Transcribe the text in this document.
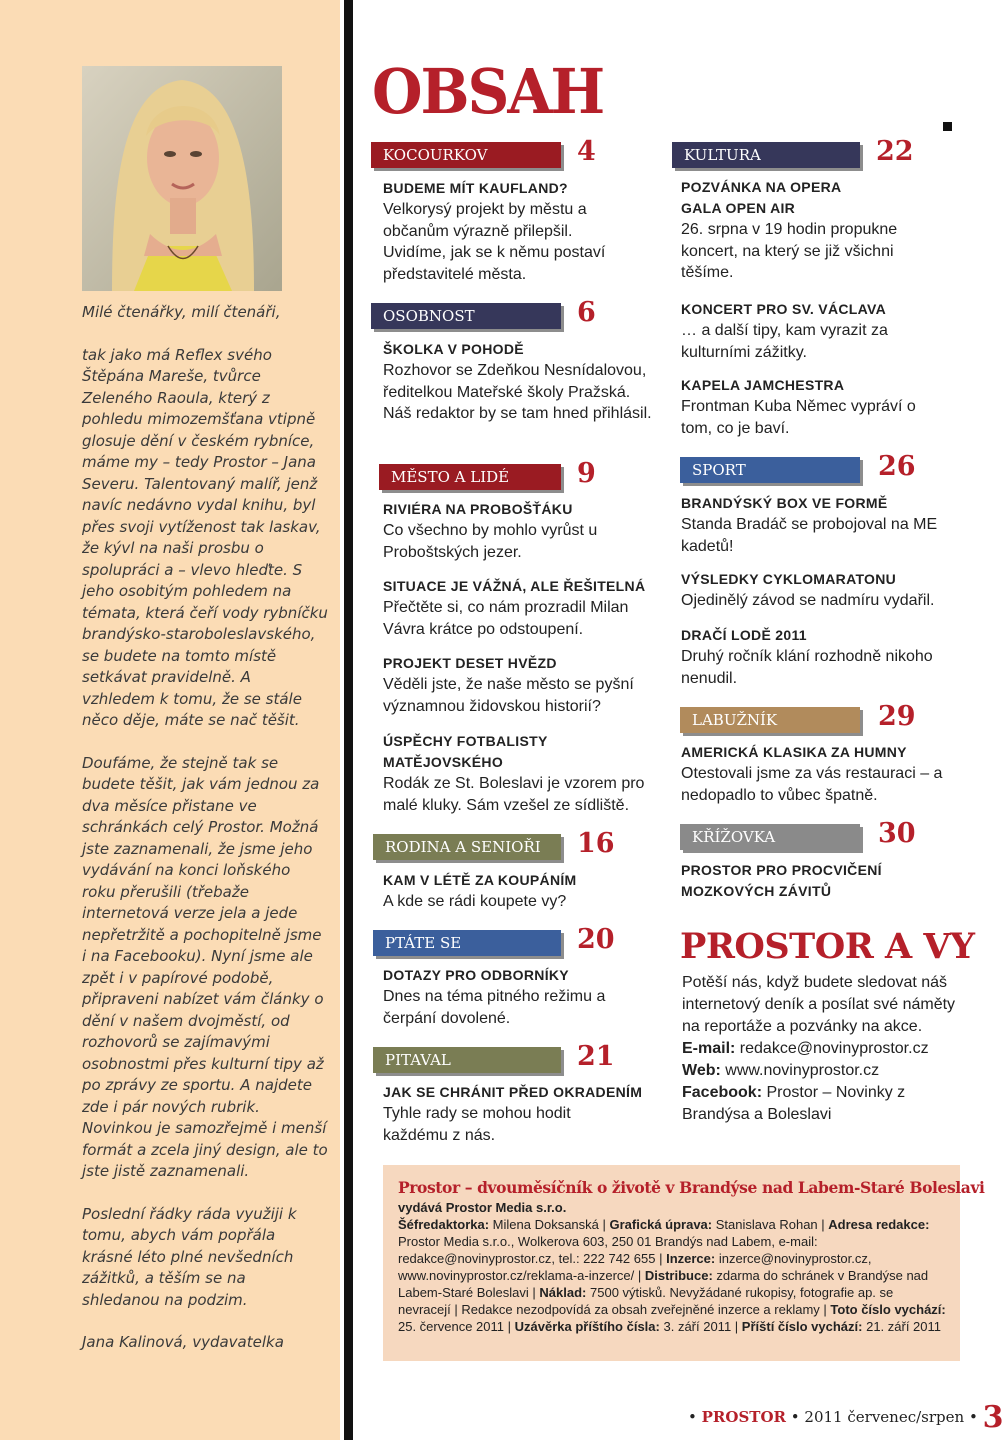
Milé čtenářky, milí čtenáři,

tak jako má Reflex svého Štěpána Mareše, tvůrce Zeleného Raoula, který z pohledu mimozemšťana vtipně glosuje dění v českém rybníce, máme my – tedy Prostor – Jana Severu. Talentovaný malíř, jenž navíc nedávno vydal knihu, byl přes svoji vytíženost tak laskav, že kývl na naši prosbu o spolupráci a – vlevo hleďte. S jeho osobitým pohledem na témata, která čeří vody rybníčku brandýsko-staroboleslavského, se budete na tomto místě setkávat pravidelně. A vzhledem k tomu, že se stále něco děje, máte se nač těšit.

Doufáme, že stejně tak se budete těšit, jak vám jednou za dva měsíce přistane ve schránkách celý Prostor. Možná jste zaznamenali, že jsme jeho vydávání na konci loňského roku přerušili (třebaže internetová verze jela a jede nepřetržitě a pochopitelně jsme i na Facebooku). Nyní jsme ale zpět i v papírové podobě, připraveni nabízet vám články o dění v našem dvojměstí, od rozhovorů se zajímavými osobnostmi přes kulturní tipy až po zprávy ze sportu. A najdete zde i pár nových rubrik. Novinkou je samozřejmě i menší formát a zcela jiný design, ale to jste jistě zaznamenali.

Poslední řádky ráda využiji k tomu, abych vám popřála krásné léto plné nevšedních zážitků, a těším se na shledanou na podzim.

Jana Kalinová, vydavatelka

OBSAH
KOCOURKOV	4
BUDEME MÍT KAUFLAND?
Velkorysý projekt by městu a občanům výrazně přilepšil. Uvidíme, jak se k němu postaví představitelé města.
OSOBNOST	6
ŠKOLKA V POHODĚ
Rozhovor se Zdeňkou Nesnídalovou, ředitelkou Mateřské školy Pražská. Náš redaktor by se tam hned přihlásil.
MĚSTO A LIDÉ	9
RIVIÉRA NA PROBOŠŤÁKU
Co všechno by mohlo vyrůst u Proboštských jezer.
SITUACE JE VÁŽNÁ, ALE ŘEŠITELNÁ
Přečtěte si, co nám prozradil Milan Vávra krátce po odstoupení.
PROJEKT DESET HVĚZD
Věděli jste, že naše město se pyšní významnou židovskou historií?
ÚSPĚCHY FOTBALISTY MATĚJOVSKÉHO
Rodák ze St. Boleslavi je vzorem pro malé kluky. Sám vzešel ze sídliště.
RODINA A SENIOŘI	16
KAM V LÉTĚ ZA KOUPÁNÍM
A kde se rádi koupete vy?
PTÁTE SE	20
DOTAZY PRO ODBORNÍKY
Dnes na téma pitného režimu a čerpání dovolené.
PITAVAL	21
JAK SE CHRÁNIT PŘED OKRADENÍM
Tyhle rady se mohou hodit každému z nás.
KULTURA	22
POZVÁNKA NA OPERA GALA OPEN AIR
26. srpna v 19 hodin propukne koncert, na který se již všichni těšíme.
KONCERT PRO SV. VÁCLAVA
… a další tipy, kam vyrazit za kulturními zážitky.
KAPELA JAMCHESTRA
Frontman Kuba Němec vypráví o tom, co je baví.
SPORT	26
BRANDÝSKÝ BOX VE FORMĚ
Standa Bradáč se probojoval na ME kadetů!
VÝSLEDKY CYKLOMARATONU
Ojedinělý závod se nadmíru vydařil.
DRAČÍ LODĚ 2011
Druhý ročník klání rozhodně nikoho nenudil.
LABUŽNÍK	29
AMERICKÁ KLASIKA ZA HUMNY
Otestovali jsme za vás restauraci – a nedopadlo to vůbec špatně.
KŘÍŽOVKA	30
PROSTOR PRO PROCVIČENÍ MOZKOVÝCH ZÁVITŮ
PROSTOR A VY
Potěší nás, když budete sledovat náš internetový deník a posílat své náměty na reportáže a pozvánky na akce.
E-mail: redakce@novinyprostor.cz
Web: www.novinyprostor.cz
Facebook: Prostor – Novinky z Brandýsa a Boleslavi
Prostor – dvouměsíčník o životě v Brandýse nad Labem-Staré Boleslavi
vydává Prostor Media s.r.o.
Šéfredaktorka: Milena Doksanská | Grafická úprava: Stanislava Rohan | Adresa redakce: Prostor Media s.r.o., Wolkerova 603, 250 01 Brandýs nad Labem, e-mail: redakce@novinyprostor.cz, tel.: 222 742 655 | Inzerce: inzerce@novinyprostor.cz, www.novinyprostor.cz/reklama-a-inzerce/ | Distribuce: zdarma do schránek v Brandýse nad Labem-Staré Boleslavi | Náklad: 7500 výtisků. Nevyžádané rukopisy, fotografie ap. se nevracejí | Redakce nezodpovídá za obsah zveřejněné inzerce a reklamy | Toto číslo vychází: 25. července 2011 | Uzávěrka příštího čísla: 3. září 2011 | Příští číslo vychází: 21. září 2011
• PROSTOR • 2011 červenec/srpen • 3
